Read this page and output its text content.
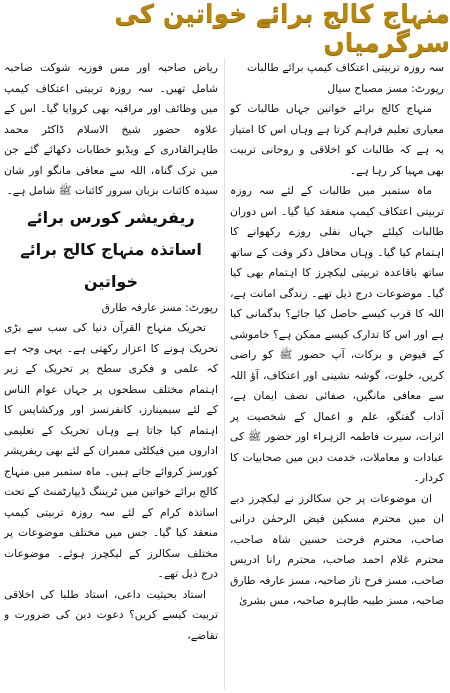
منہاج کالج برائے خواتین کی سرگرمیاں

سہ روزہ تربیتی اعتکاف کیمپ برائے طالبات

رپورٹ: مسز مصباح سیال

منہاج کالج برائے خواتین جہاں طالبات کو معیاری تعلیم فراہم کرتا ہے وہاں اس کا امتیاز یہ ہے کہ طالبات کو اخلاقی و روحانی تربیت بھی مہیا کر رہا ہے۔

ماہ ستمبر میں طالبات کے لئے سہ روزہ تربیتی اعتکاف کیمپ منعقد کیا گیا۔ اس دوران طالبات کیلئے جہاں نفلی روزے رکھوانے کا اہتمام کیا گیا۔ وہاں محافل ذکر وقت کے ساتھ ساتھ باقاعدہ تربیتی لیکچرز کا اہتمام بھی کیا گیا۔ موضوعات درج ذیل تھے۔ زندگی امانت ہے، اللہ کا قرب کیسے حاصل کیا جائے؟ بدگمانی کیا ہے اور اس کا تدارک کیسے ممکن ہے؟ خاموشی کے فیوض و برکات، آپ حضور ﷺ کو راضی کریں، خلوت، گوشہ نشینی اور اعتکاف، آؤ اللہ سے معافی مانگیں، صفائی نصف ایمان ہے، آداب گفتگو، علم و اعمال کے شخصیت پر اثرات، سیرت فاطمہ الزہراء اور حضور ﷺ کی عبادات و معاملات، خدمت دین میں صحابیات کا کردار۔

ان موضوعات پر جن سکالرز نے لیکچرز دیے ان میں محترم مسکین فیض الرحمٰن درانی صاحب، محترم فرحت حسین شاہ صاحب، محترم غلام احمد صاحب، محترم رانا ادریس صاحب، مسز فرح ناز صاحبہ، مسز عارفہ طارق صاحبہ، مسز طیبہ طاہرہ صاحبہ، مس بشریٰ

ریاض صاحبہ اور مس فوزیہ شوکت صاحبہ شامل تھیں۔ سہ روزہ تربیتی اعتکاف کیمپ میں وظائف اور مراقبہ بھی کروایا گیا۔ اس کے علاوہ حضور شیخ الاسلام ڈاکٹر محمد طاہرالقادری کے ویڈیو خطابات دکھائے گئے جن میں ترک گناہ، اللہ سے معافی مانگو اور شان سیدہ کائنات بزبان سرور کائنات ﷺ شامل ہے۔

ریفریشر کورس برائے اساتذہ منہاج کالج برائے خواتین

رپورٹ: مسز عارفہ طارق

تحریک منہاج القرآن دنیا کی سب سے بڑی تحریک ہونے کا اعزاز رکھتی ہے۔ یہی وجہ ہے کہ علمی و فکری سطح پر تحریک کے زیر اہتمام مختلف سطحوں پر جہاں عوام الناس کے لئے سیمینارز، کانفرنسز اور ورکشاپس کا اہتمام کیا جاتا ہے وہاں تحریک کے تعلیمی اداروں میں فیکلٹی ممبران کے لئے بھی ریفریشر کورسز کروائے جاتے ہیں۔ ماہ ستمبر میں منہاج کالج برائے خواتین میں ٹریننگ ڈیپارٹمنٹ کے تحت اساتذہ کرام کے لئے سہ روزہ تربیتی کیمپ منعقد کیا گیا۔ جس میں مختلف موضوعات پر مختلف سکالرز کے لیکچرز ہوئے۔ موضوعات درج ذیل تھے۔

استاد بحیثیت داعی، استاد طلبا کی اخلاقی تربیت کیسے کریں؟ دعوت دین کی ضرورت و تقاضے،
